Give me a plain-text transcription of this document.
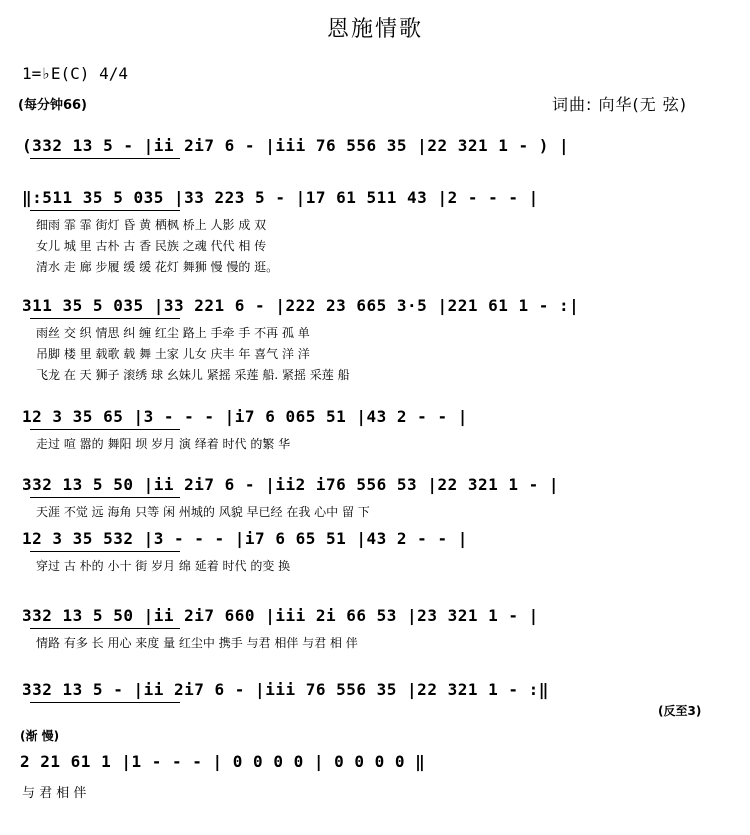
恩施情歌
1=♭E(C) 4/4
(每分钟66)	词曲: 向华(无 弦)
(332 13 5 - |ii 2i7 6 - |iii 76 556 35 |22 321 1 - ) |
‖:511 35 5 035 |33 223 5 - |17 61 511 43 |2 - - - |
细雨 霏 霏 街灯 昏 黄 栖枫 桥上 人影 成 双
女儿 城 里 古朴 古 香 民族 之魂 代代 相 传
清水 走 廊 步履 缓 缓 花灯 舞狮 慢 慢的 逛。
311 35 5 035 |33 221 6 - |222 23 665 3·5 |221 61 1 - :|
雨丝 交 织 情思 纠 缠 红尘 路上 手牵 手 不再 孤 单
吊脚 楼 里 载歌 载 舞 土家 儿女 庆丰 年 喜气 洋 洋
飞龙 在 天 狮子 滚绣 球 幺妹儿 紧摇 采莲 船. 紧摇 采莲 船
12 3 35 65 |3 - - - |i7 6 065 51 |43 2 - - |
走过 喧 嚣的 舞阳 坝 岁月 演 绎着 时代 的繁 华
332 13 5 50 |ii 2i7 6 - |ii2 i76 556 53 |22 321 1 - |
天涯 不觉 远 海角 只等 闲 州城的 风貌 早已经 在我 心中 留 下
12 3 35 532 |3 - - - |i7 6 65 51 |43 2 - - |
穿过 古 朴的 小十 街 岁月 绵 延着 时代 的变 换
332 13 5 50 |ii 2i7 660 |iii 2i 66 53 |23 321 1 - |
情路 有多 长 用心 来度 量 红尘中 携手 与君 相伴 与君 相 伴
332 13 5 - |ii 2i7 6 - |iii 76 556 35 |22 321 1 - :‖
(反至3)
(渐 慢)
2 21 61 1 |1 - - - | 0 0 0 0 | 0 0 0 0 ‖
与 君 相 伴
